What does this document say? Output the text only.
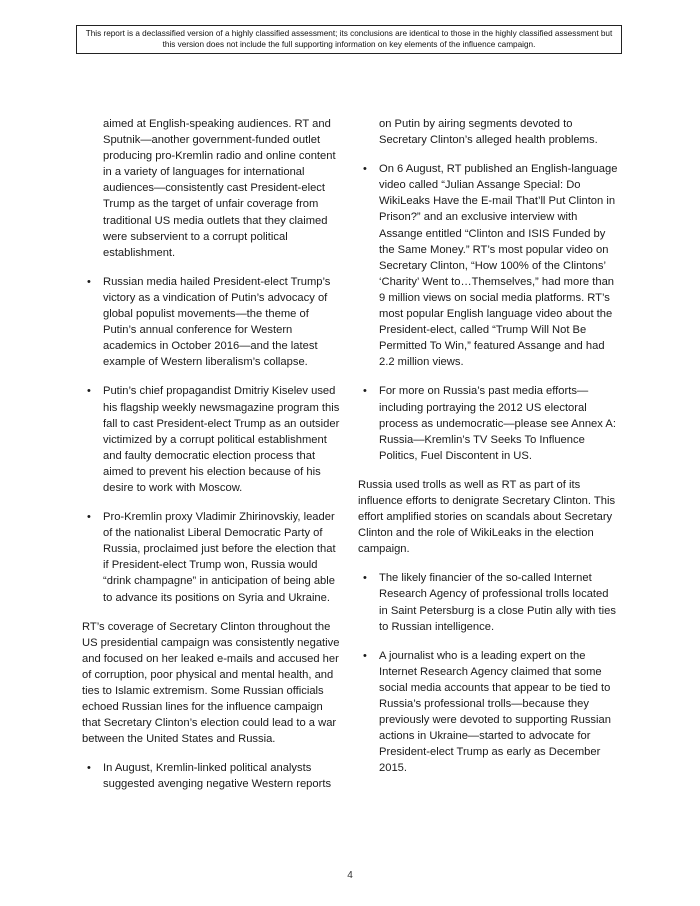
This report is a declassified version of a highly classified assessment; its conclusions are identical to those in the highly classified assessment but this version does not include the full supporting information on key elements of the influence campaign.

aimed at English-speaking audiences. RT and Sputnik—another government-funded outlet producing pro-Kremlin radio and online content in a variety of languages for international audiences—consistently cast President-elect Trump as the target of unfair coverage from traditional US media outlets that they claimed were subservient to a corrupt political establishment.

• Russian media hailed President-elect Trump’s victory as a vindication of Putin’s advocacy of global populist movements—the theme of Putin’s annual conference for Western academics in October 2016—and the latest example of Western liberalism’s collapse.
• Putin’s chief propagandist Dmitriy Kiselev used his flagship weekly newsmagazine program this fall to cast President-elect Trump as an outsider victimized by a corrupt political establishment and faulty democratic election process that aimed to prevent his election because of his desire to work with Moscow.
• Pro-Kremlin proxy Vladimir Zhirinovskiy, leader of the nationalist Liberal Democratic Party of Russia, proclaimed just before the election that if President-elect Trump won, Russia would “drink champagne” in anticipation of being able to advance its positions on Syria and Ukraine.

RT’s coverage of Secretary Clinton throughout the US presidential campaign was consistently negative and focused on her leaked e-mails and accused her of corruption, poor physical and mental health, and ties to Islamic extremism. Some Russian officials echoed Russian lines for the influence campaign that Secretary Clinton’s election could lead to a war between the United States and Russia.

• In August, Kremlin-linked political analysts suggested avenging negative Western reports

on Putin by airing segments devoted to Secretary Clinton’s alleged health problems.

• On 6 August, RT published an English-language video called “Julian Assange Special: Do WikiLeaks Have the E-mail That’ll Put Clinton in Prison?” and an exclusive interview with Assange entitled “Clinton and ISIS Funded by the Same Money.” RT’s most popular video on Secretary Clinton, “How 100% of the Clintons’ ‘Charity’ Went to…Themselves,” had more than 9 million views on social media platforms. RT’s most popular English language video about the President-elect, called “Trump Will Not Be Permitted To Win,” featured Assange and had 2.2 million views.
• For more on Russia’s past media efforts—including portraying the 2012 US electoral process as undemocratic—please see Annex A: Russia—Kremlin’s TV Seeks To Influence Politics, Fuel Discontent in US.

Russia used trolls as well as RT as part of its influence efforts to denigrate Secretary Clinton. This effort amplified stories on scandals about Secretary Clinton and the role of WikiLeaks in the election campaign.

• The likely financier of the so-called Internet Research Agency of professional trolls located in Saint Petersburg is a close Putin ally with ties to Russian intelligence.
• A journalist who is a leading expert on the Internet Research Agency claimed that some social media accounts that appear to be tied to Russia’s professional trolls—because they previously were devoted to supporting Russian actions in Ukraine—started to advocate for President-elect Trump as early as December 2015.
4
